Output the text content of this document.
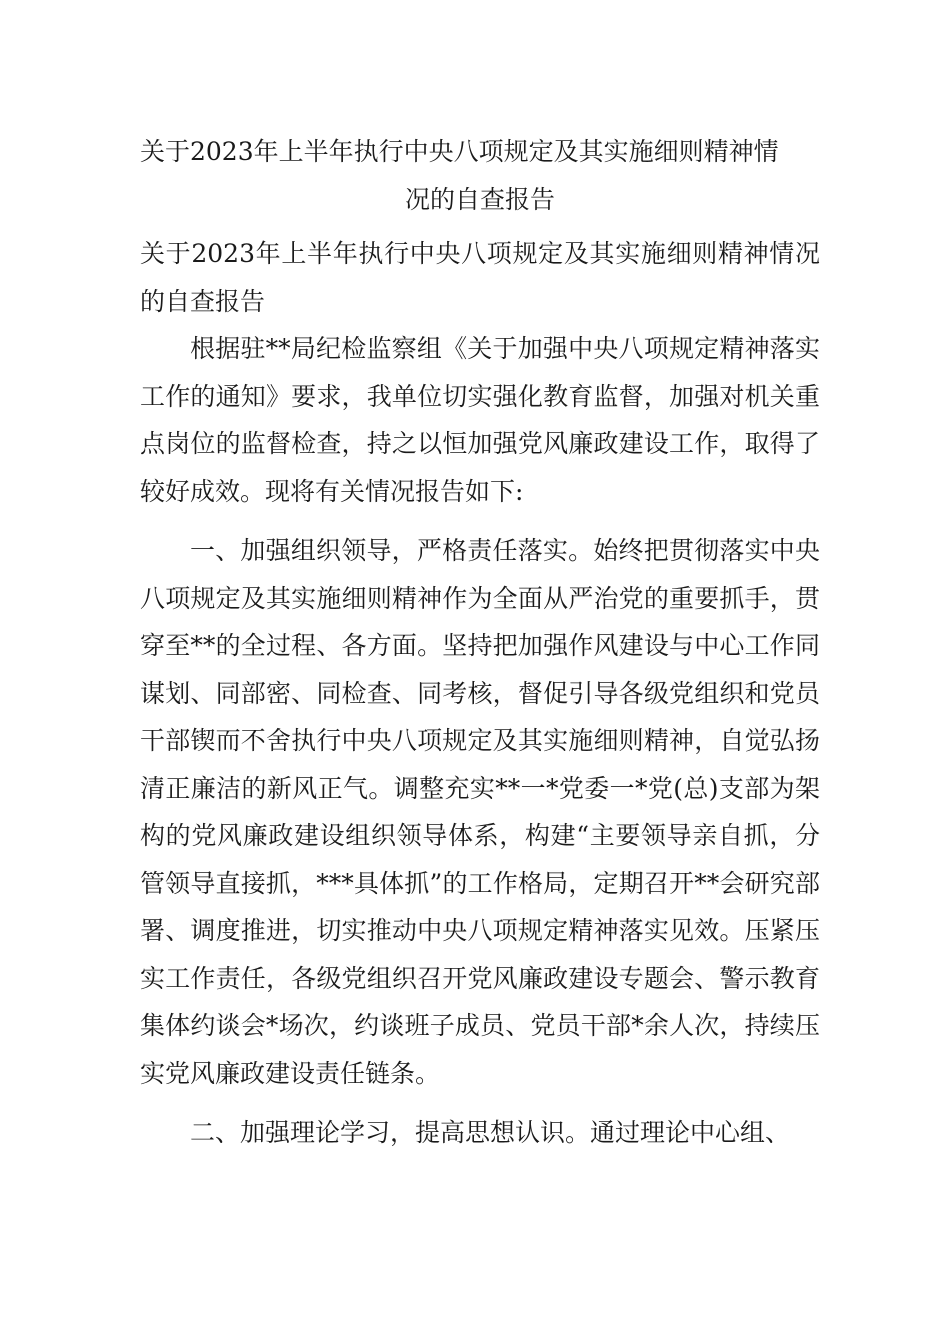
关于2023年上半年执行中央八项规定及其实施细则精神情
况的自查报告

关于2023年上半年执行中央八项规定及其实施细则精神情况的自查报告

根据驻**局纪检监察组《关于加强中央八项规定精神落实工作的通知》要求，我单位切实强化教育监督，加强对机关重点岗位的监督检查，持之以恒加强党风廉政建设工作，取得了较好成效。现将有关情况报告如下:

一、加强组织领导，严格责任落实。始终把贯彻落实中央八项规定及其实施细则精神作为全面从严治党的重要抓手，贯穿至**的全过程、各方面。坚持把加强作风建设与中心工作同谋划、同部密、同检查、同考核，督促引导各级党组织和党员干部锲而不舍执行中央八项规定及其实施细则精神，自觉弘扬清正廉洁的新风正气。调整充实**一*党委一*党(总)支部为架构的党风廉政建设组织领导体系，构建“主要领导亲自抓，分管领导直接抓，***具体抓”的工作格局，定期召开**会研究部署、调度推进，切实推动中央八项规定精神落实见效。压紧压实工作责任，各级党组织召开党风廉政建设专题会、警示教育集体约谈会*场次，约谈班子成员、党员干部*余人次，持续压实党风廉政建设责任链条。

二、加强理论学习，提高思想认识。通过理论中心组、
